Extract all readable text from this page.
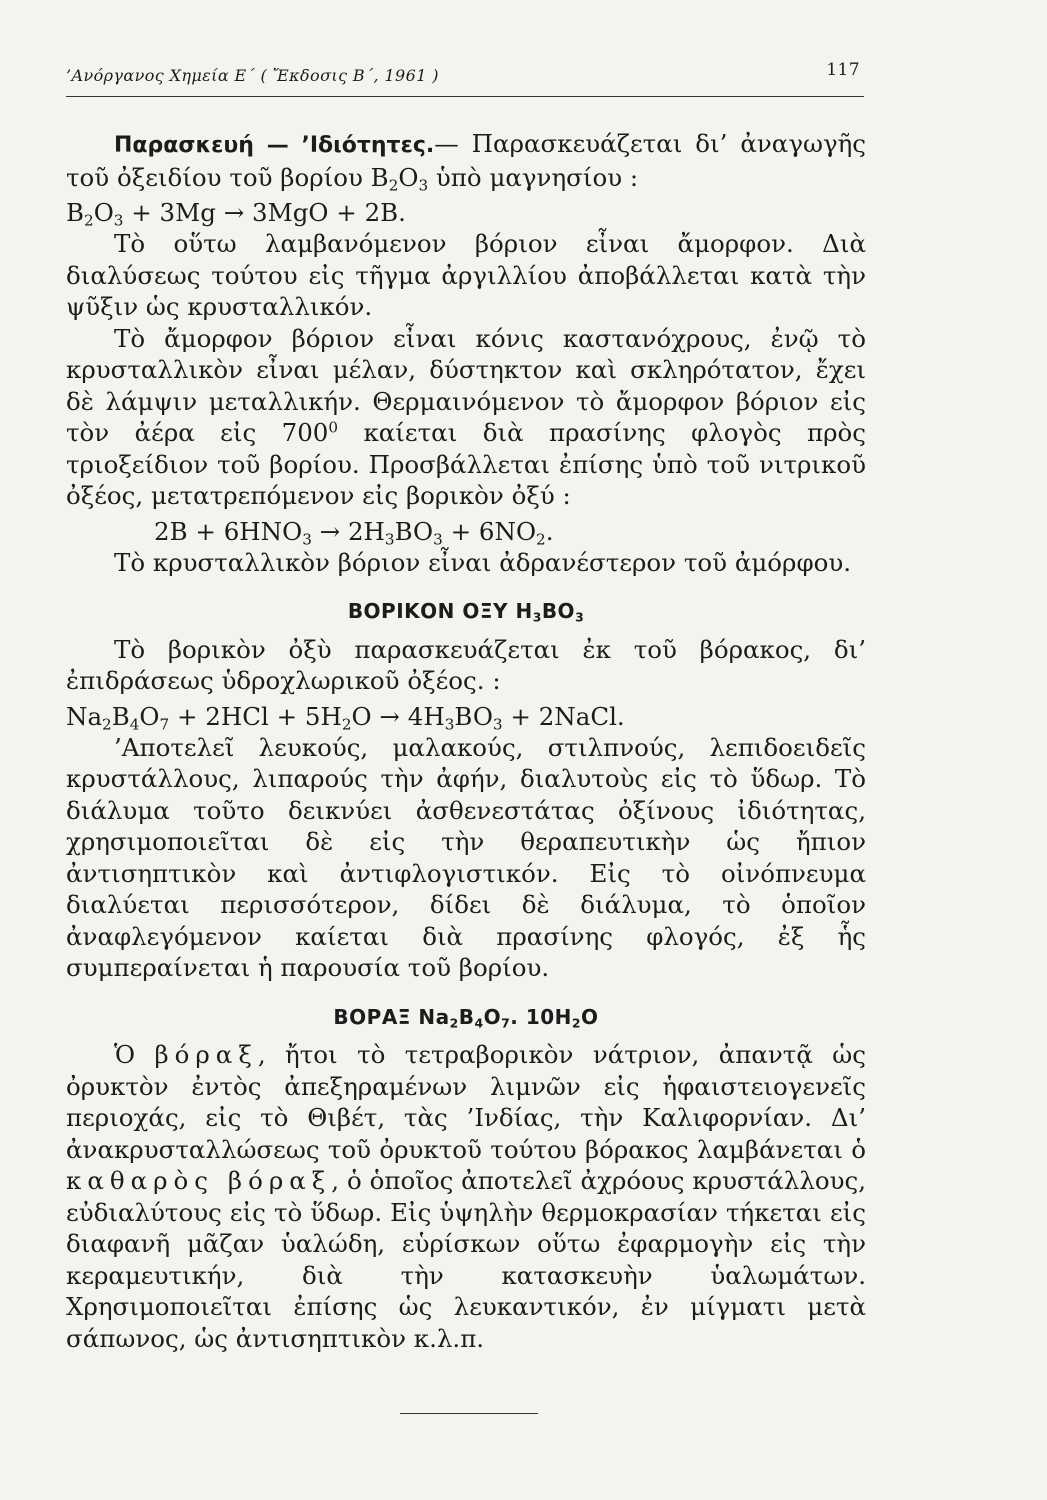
’Ανόργανος Χημεία Ε΄ ( Ἔκδοσις Β΄, 1961 )	117

Παρασκευή — ’Ιδιότητες.— Παρασκευάζεται δι’ ἀναγωγῆς τοῦ ὀξειδίου τοῦ βορίου $B_2O_3$ ὑπὸ μαγνησίου :

$B_2O_3 + 3Mg \to 3MgO + 2B$.

Τὸ οὕτω λαμβανόμενον βόριον εἶναι ἄμορφον. Διὰ διαλύσεως τούτου εἰς τῆγμα ἀργιλλίου ἀποβάλλεται κατὰ τὴν ψῦξιν ὡς κρυσταλλικόν.

Τὸ ἄμορφον βόριον εἶναι κόνις καστανόχρους, ἐνῷ τὸ κρυσταλλικὸν εἶναι μέλαν, δύστηκτον καὶ σκληρότατον, ἔχει δὲ λάμψιν μεταλλικήν. Θερμαινόμενον τὸ ἄμορφον βόριον εἰς τὸν ἀέρα εἰς $700^0$ καίεται διὰ πρασίνης φλογὸς πρὸς τριοξείδιον τοῦ βορίου. Προσβάλλεται ἐπίσης ὑπὸ τοῦ νιτρικοῦ ὀξέος, μετατρεπόμενον εἰς βορικὸν ὀξύ :

$2B + 6HNO_3 \to 2H_3BO_3 + 6NO_2$.

Τὸ κρυσταλλικὸν βόριον εἶναι ἀδρανέστερον τοῦ ἀμόρφου.

ΒΟΡΙΚΟΝ ΟΞΥ $H_3BO_3$

Τὸ βορικὸν ὀξὺ παρασκευάζεται ἐκ τοῦ βόρακος, δι’ ἐπιδράσεως ὑδροχλωρικοῦ ὀξέος. :

$Na_2B_4O_7 + 2HCl + 5H_2O \to 4H_3BO_3$ + 2NaCl.

’Αποτελεῖ λευκούς, μαλακούς, στιλπνούς, λεπιδοειδεῖς κρυστάλλους, λιπαρούς τὴν ἀφήν, διαλυτοὺς εἰς τὸ ὕδωρ. Τὸ διάλυμα τοῦτο δεικνύει ἀσθενεστάτας ὀξίνους ἰδιότητας, χρησιμοποιεῖται δὲ εἰς τὴν θεραπευτικὴν ὡς ἤπιον ἀντισηπτικὸν καὶ ἀντιφλογιστικόν. Εἰς τὸ οἰνόπνευμα διαλύεται περισσότερον, δίδει δὲ διάλυμα, τὸ ὁποῖον ἀναφλεγόμενον καίεται διὰ πρασίνης φλογός, ἐξ ἧς συμπεραίνεται ἡ παρουσία τοῦ βορίου.

ΒΟΡΑΞ $Na_2B_4O_7$. $10H_2O$

Ὁ βόραξ, ἤτοι τὸ τετραβορικὸν νάτριον, ἀπαντᾷ ὡς ὀρυκτὸν ἐντὸς ἀπεξηραμένων λιμνῶν εἰς ἡφαιστειογενεῖς περιοχάς, εἰς τὸ Θιβέτ, τὰς ’Ινδίας, τὴν Καλιφορνίαν. Δι’ ἀνακρυσταλλώσεως τοῦ ὀρυκτοῦ τούτου βόρακος λαμβάνεται ὁ καθαρὸς βόραξ, ὁ ὁποῖος ἀποτελεῖ ἀχρόους κρυστάλλους, εὐδιαλύτους εἰς τὸ ὕδωρ. Εἰς ὑψηλὴν θερμοκρασίαν τήκεται εἰς διαφανῆ μᾶζαν ὑαλώδη, εὑρίσκων οὕτω ἐφαρμογὴν εἰς τὴν κεραμευτικήν, διὰ τὴν κατασκευὴν ὑαλωμάτων. Χρησιμοποιεῖται ἐπίσης ὡς λευκαντικόν, ἐν μίγματι μετὰ σάπωνος, ὡς ἀντισηπτικὸν κ.λ.π.
